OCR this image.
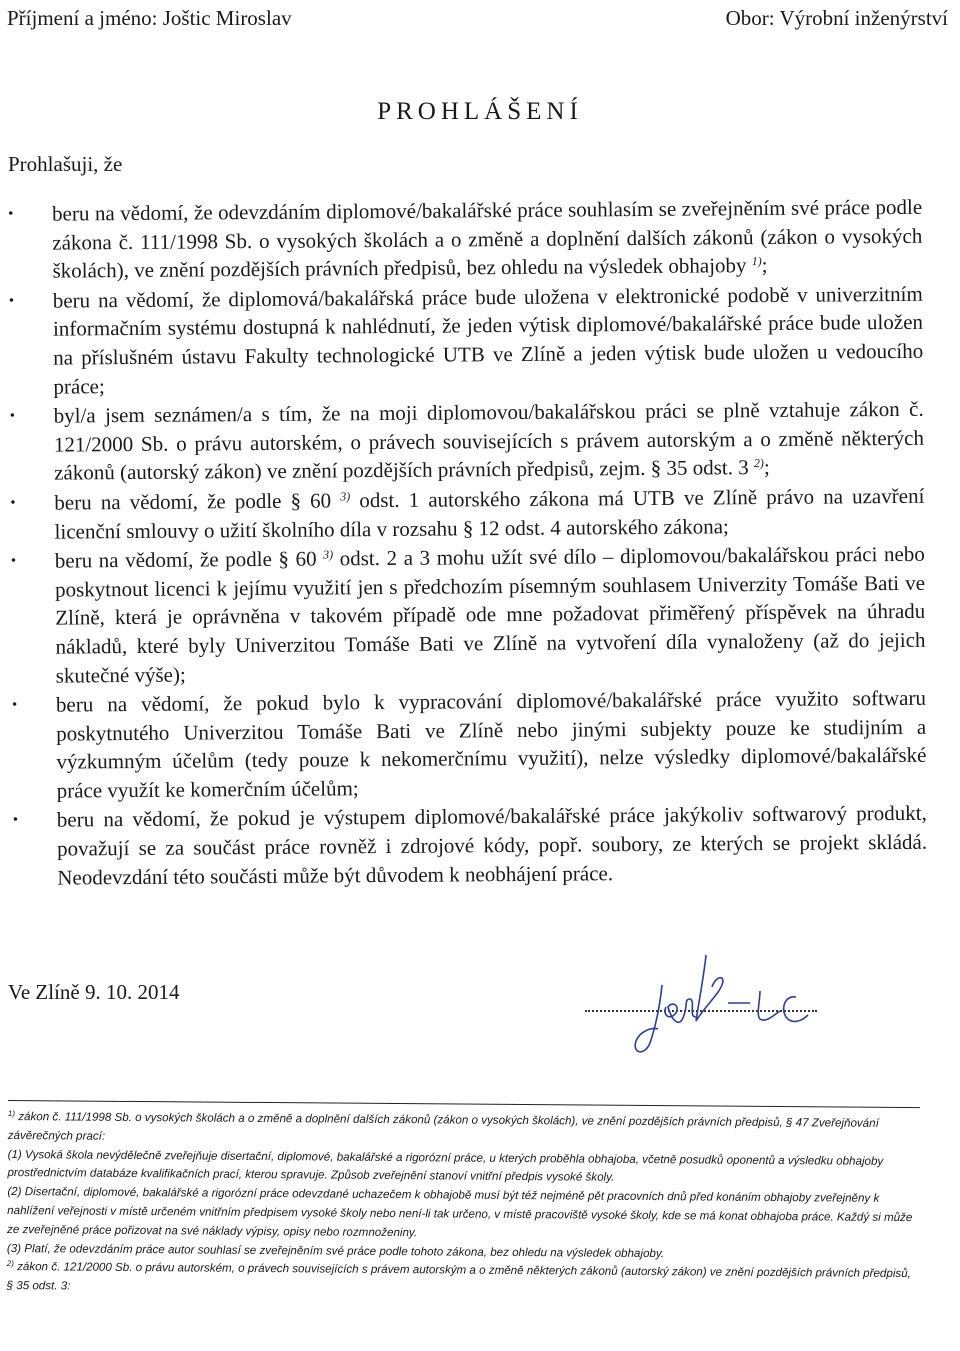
Příjmení a jméno: Joštic Miroslav	Obor: Výrobní inženýrství
PROHLÁŠENÍ
Prohlašuji, že
• beru na vědomí, že odevzdáním diplomové/bakalářské práce souhlasím se zveřejněním své práce podle zákona č. 111/1998 Sb. o vysokých školách a o změně a doplnění dalších zákonů (zákon o vysokých školách), ve znění pozdějších právních předpisů, bez ohledu na výsledek obhajoby $^{1)}$;
• beru na vědomí, že diplomová/bakalářská práce bude uložena v elektronické podobě v univerzitním informačním systému dostupná k nahlédnutí, že jeden výtisk diplomové/bakalářské práce bude uložen na příslušném ústavu Fakulty technologické UTB ve Zlíně a jeden výtisk bude uložen u vedoucího práce;
• byl/a jsem seznámen/a s tím, že na moji diplomovou/bakalářskou práci se plně vztahuje zákon č. 121/2000 Sb. o právu autorském, o právech souvisejících s právem autorským a o změně některých zákonů (autorský zákon) ve znění pozdějších právních předpisů, zejm. § 35 odst. 3 $^{2)}$;
• beru na vědomí, že podle § 60 $^{3)}$ odst. 1 autorského zákona má UTB ve Zlíně právo na uzavření licenční smlouvy o užití školního díla v rozsahu § 12 odst. 4 autorského zákona;
• beru na vědomí, že podle § 60 $^{3)}$ odst. 2 a 3 mohu užít své dílo – diplomovou/bakalářskou práci nebo poskytnout licenci k jejímu využití jen s předchozím písemným souhlasem Univerzity Tomáše Bati ve Zlíně, která je oprávněna v takovém případě ode mne požadovat přiměřený příspěvek na úhradu nákladů, které byly Univerzitou Tomáše Bati ve Zlíně na vytvoření díla vynaloženy (až do jejich skutečné výše);
• beru na vědomí, že pokud bylo k vypracování diplomové/bakalářské práce využito softwaru poskytnutého Univerzitou Tomáše Bati ve Zlíně nebo jinými subjekty pouze ke studijním a výzkumným účelům (tedy pouze k nekomerčnímu využití), nelze výsledky diplomové/bakalářské práce využít ke komerčním účelům;
• beru na vědomí, že pokud je výstupem diplomové/bakalářské práce jakýkoliv softwarový produkt, považují se za součást práce rovněž i zdrojové kódy, popř. soubory, ze kterých se projekt skládá. Neodevzdání této součásti může být důvodem k neobhájení práce.
Ve Zlíně 9. 10. 2014

$^{1)}$ zákon č. 111/1998 Sb. o vysokých školách a o změně a doplnění dalších zákonů (zákon o vysokých školách), ve znění pozdějších právních předpisů, § 47 Zveřejňování závěrečných prací:

(1) Vysoká škola nevýdělečně zveřejňuje disertační, diplomové, bakalářské a rigorózní práce, u kterých proběhla obhajoba, včetně posudků oponentů a výsledku obhajoby prostřednictvím databáze kvalifikačních prací, kterou spravuje. Způsob zveřejnění stanoví vnitřní předpis vysoké školy.

(2) Disertační, diplomové, bakalářské a rigorózní práce odevzdané uchazečem k obhajobě musí být též nejméně pět pracovních dnů před konáním obhajoby zveřejněny k nahlížení veřejnosti v místě určeném vnitřním předpisem vysoké školy nebo není-li tak určeno, v místě pracoviště vysoké školy, kde se má konat obhajoba práce. Každý si může ze zveřejněné práce pořizovat na své náklady výpisy, opisy nebo rozmnoženiny.

(3) Platí, že odevzdáním práce autor souhlasí se zveřejněním své práce podle tohoto zákona, bez ohledu na výsledek obhajoby.

$^{2)}$ zákon č. 121/2000 Sb. o právu autorském, o právech souvisejících s právem autorským a o změně některých zákonů (autorský zákon) ve znění pozdějších právních předpisů, § 35 odst. 3:
